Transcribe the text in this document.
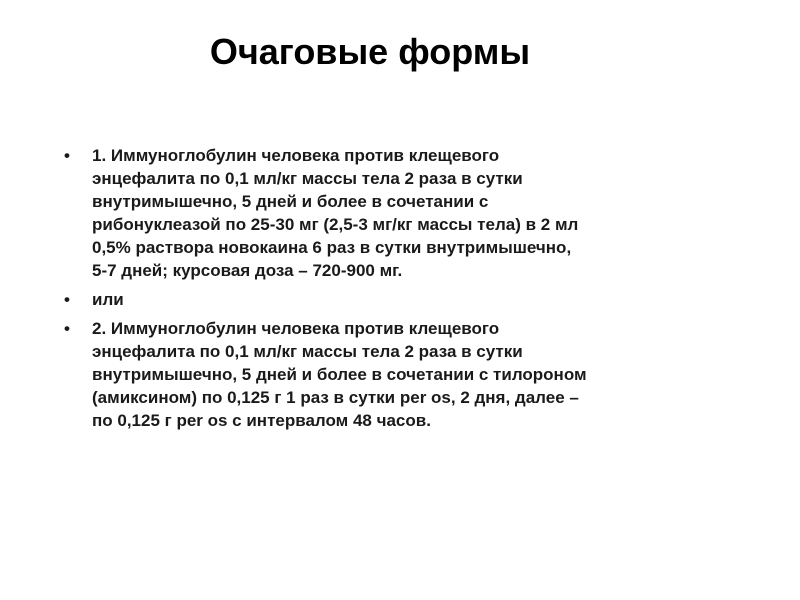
Очаговые формы
• 1. Иммуноглобулин человека против клещевого
энцефалита по 0,1 мл/кг массы тела 2 раза в сутки
внутримышечно, 5 дней и более в сочетании с
рибонуклеазой по 25-30 мг (2,5-3 мг/кг массы тела) в 2 мл
0,5% раствора новокаина 6 раз в сутки внутримышечно,
5-7 дней; курсовая доза – 720-900 мг.
• или
• 2. Иммуноглобулин человека против клещевого
энцефалита по 0,1 мл/кг массы тела 2 раза в сутки
внутримышечно, 5 дней и более в сочетании с тилороном
(амиксином) по 0,125 г 1 раз в сутки per os, 2 дня, далее –
по 0,125 г per os с интервалом 48 часов.
